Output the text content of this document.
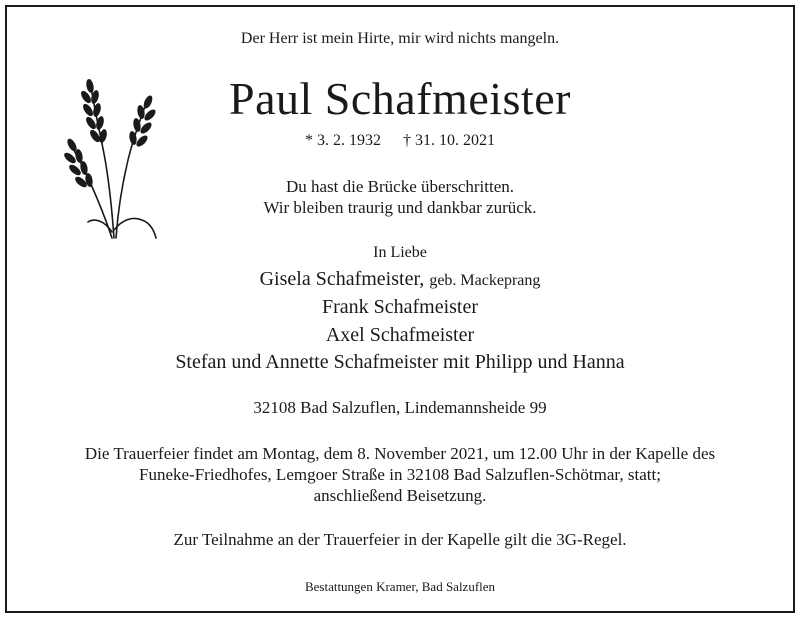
Der Herr ist mein Hirte, mir wird nichts mangeln.
Paul Schafmeister
* 3. 2. 1932 † 31. 10. 2021
Du hast die Brücke überschritten.
Wir bleiben traurig und dankbar zurück.
In Liebe
Gisela Schafmeister, geb. Mackeprang
Frank Schafmeister
Axel Schafmeister
Stefan und Annette Schafmeister mit Philipp und Hanna
32108 Bad Salzuflen, Lindemannsheide 99
Die Trauerfeier findet am Montag, dem 8. November 2021, um 12.00 Uhr in der Kapelle des
Funeke-Friedhofes, Lemgoer Straße in 32108 Bad Salzuflen-Schötmar, statt;
anschließend Beisetzung.
Zur Teilnahme an der Trauerfeier in der Kapelle gilt die 3G-Regel.
Bestattungen Kramer, Bad Salzuflen
